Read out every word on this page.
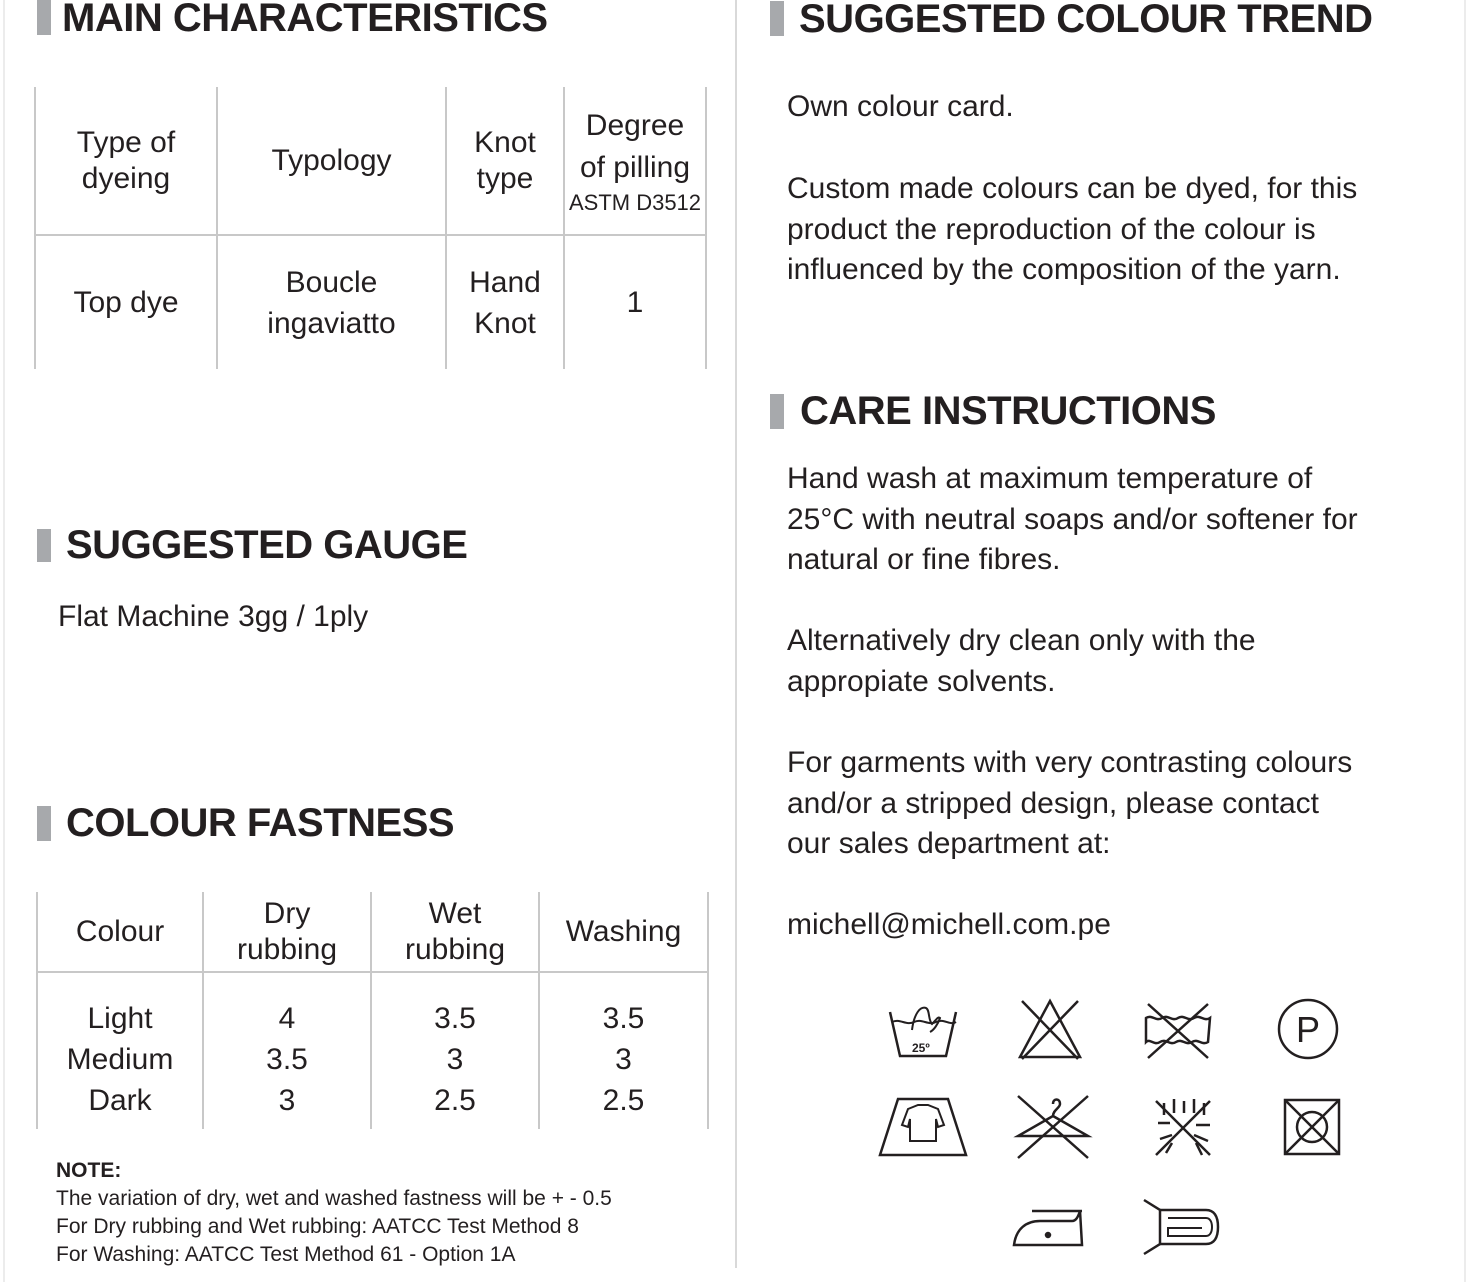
MAIN CHARACTERISTICS
Type of dyeing	Typology	Knot type	Degree of pilling
ASTM D3512

Top dye	Boucle ingaviatto	Hand Knot	1
SUGGESTED GAUGE

Flat Machine 3gg / 1ply

COLOUR FASTNESS
Colour	Dry rubbing	Wet rubbing	Washing

Light	4	3.5	3.5
Medium	3.5	3	3
Dark	3	2.5	2.5

NOTE:
The variation of dry, wet and washed fastness will be + - 0.5
For Dry rubbing and Wet rubbing: AATCC Test Method 8
For Washing: AATCC Test Method 61 - Option 1A
SUGGESTED COLOUR TREND

Own colour card.

Custom made colours can be dyed, for this

product the reproduction of the colour is

influenced by the composition of the yarn.

CARE INSTRUCTIONS

Hand wash at maximum temperature of

25°C with neutral soaps and/or softener for

natural or fine fibres.

Alternatively dry clean only with the

appropiate solvents.

For garments with very contrasting colours

and/or a stripped design, please contact

our sales department at:

michell@michell.com.pe

25º	P
